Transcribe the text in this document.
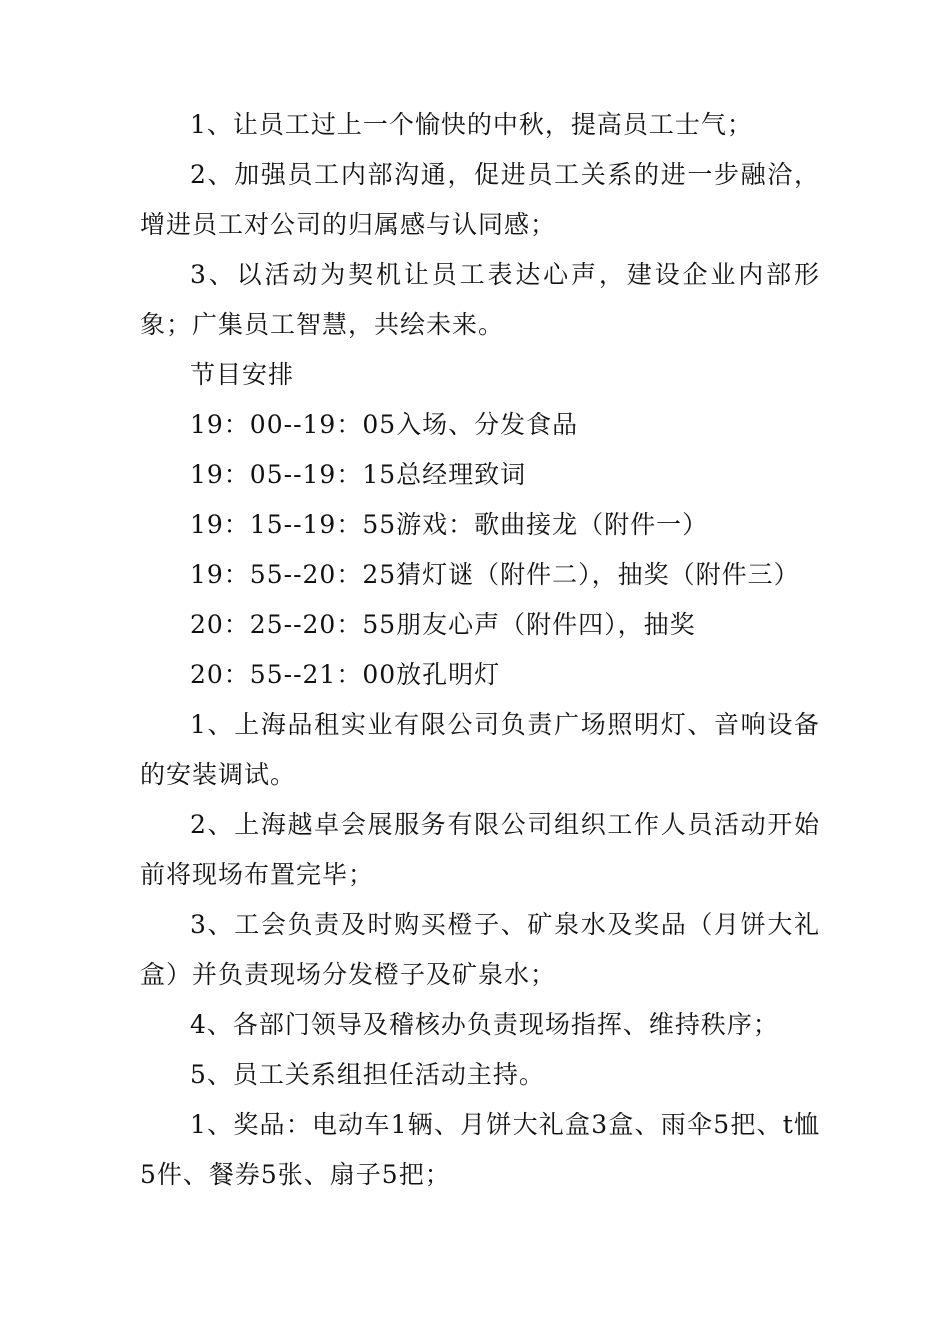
1、让员工过上一个愉快的中秋，提高员工士气；

2、加强员工内部沟通，促进员工关系的进一步融洽，增进员工对公司的归属感与认同感；

3、以活动为契机让员工表达心声，建设企业内部形象；广集员工智慧，共绘未来。

节目安排

19：00--19：05入场、分发食品

19：05--19：15总经理致词

19：15--19：55游戏：歌曲接龙（附件一）

19：55--20：25猜灯谜（附件二），抽奖（附件三）

20：25--20：55朋友心声（附件四），抽奖

20：55--21：00放孔明灯

1、上海品租实业有限公司负责广场照明灯、音响设备的安装调试。

2、上海越卓会展服务有限公司组织工作人员活动开始前将现场布置完毕；

3、工会负责及时购买橙子、矿泉水及奖品（月饼大礼盒）并负责现场分发橙子及矿泉水；

4、各部门领导及稽核办负责现场指挥、维持秩序；

5、员工关系组担任活动主持。

1、奖品：电动车1辆、月饼大礼盒3盒、雨伞5把、t恤5件、餐券5张、扇子5把；
